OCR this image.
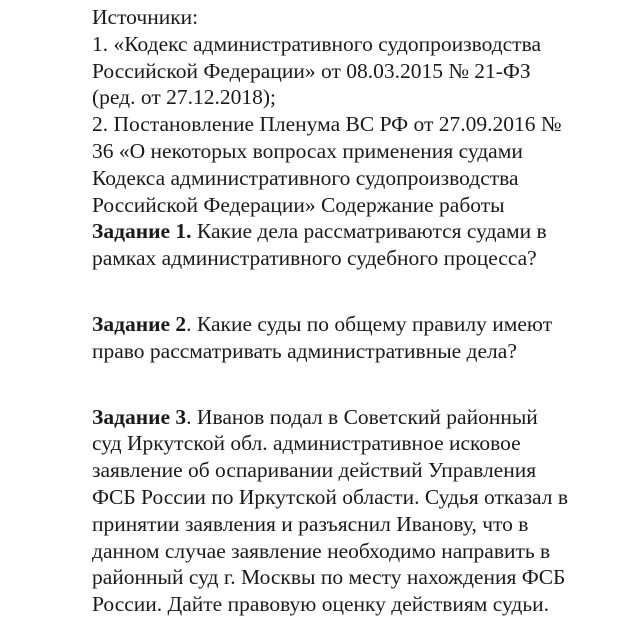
Источники:
1. «Кодекс административного судопроизводства
Российской Федерации» от 08.03.2015 № 21-ФЗ
(ред. от 27.12.2018);
2. Постановление Пленума ВС РФ от 27.09.2016 №
36 «О некоторых вопросах применения судами
Кодекса административного судопроизводства
Российской Федерации» Содержание работы
Задание 1. Какие дела рассматриваются судами в
рамках административного судебного процесса?
Задание 2. Какие суды по общему правилу имеют
право рассматривать административные дела?
Задание 3. Иванов подал в Советский районный
суд Иркутской обл. административное исковое
заявление об оспаривании действий Управления
ФСБ России по Иркутской области. Судья отказал в
принятии заявления и разъяснил Иванову, что в
данном случае заявление необходимо направить в
районный суд г. Москвы по месту нахождения ФСБ
России. Дайте правовую оценку действиям судьи.
